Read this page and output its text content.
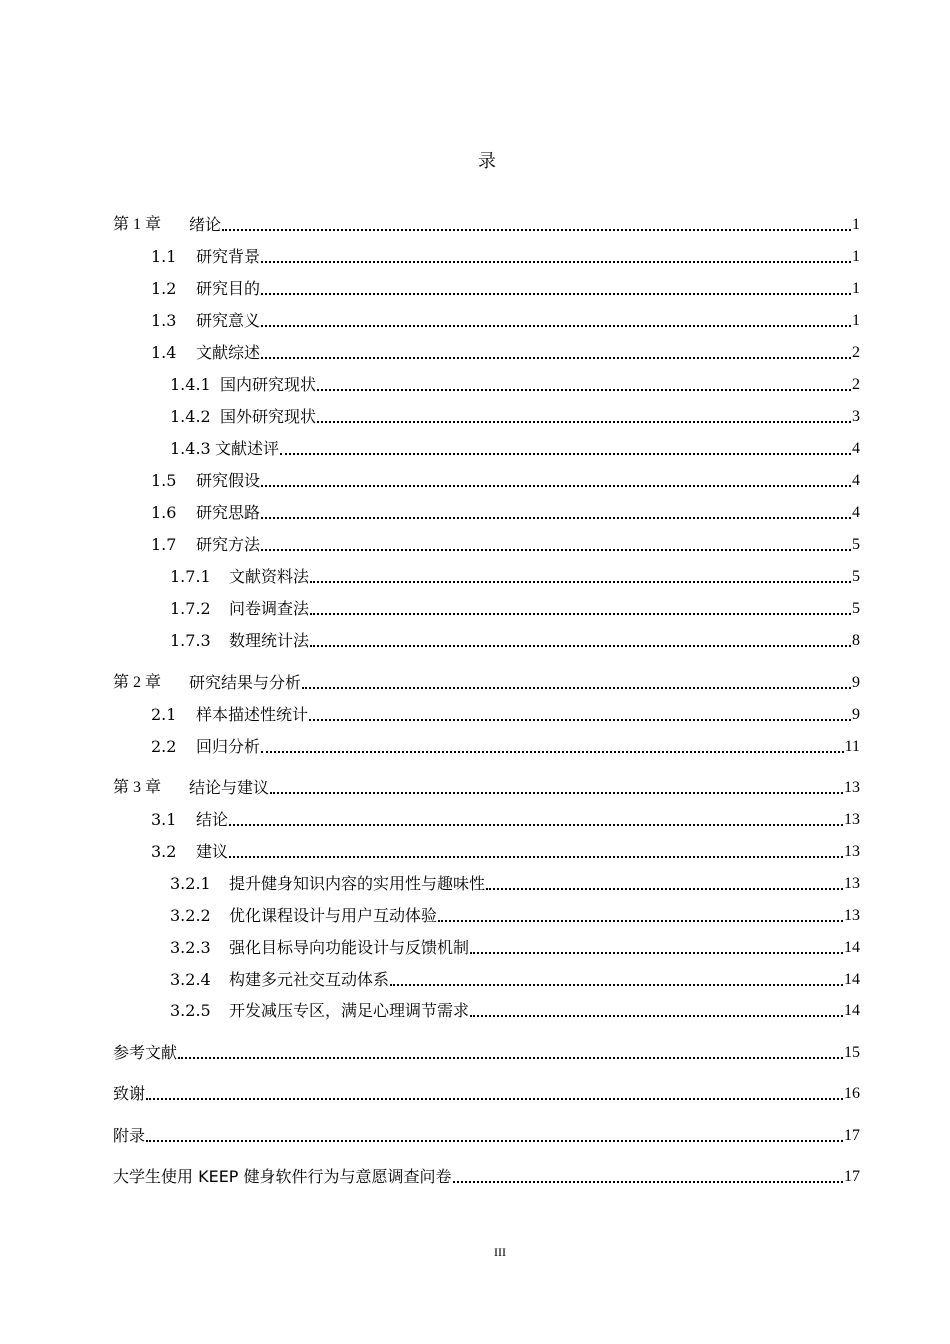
录
第 1 章	绪论	1
1.1	研究背景	1
1.2	研究目的	1
1.3	研究意义	1
1.4	文献综述	2
1.4.1 国内研究现状	2
1.4.2 国外研究现状	3
1.4.3 文献述评	4
1.5	研究假设	4
1.6	研究思路	4
1.7	研究方法	5
1.7.1	文献资料法	5
1.7.2	问卷调查法	5
1.7.3	数理统计法	8
第 2 章	研究结果与分析	9
2.1	样本描述性统计	9
2.2	回归分析	11
第 3 章	结论与建议	13
3.1	结论	13
3.2	建议	13
3.2.1	提升健身知识内容的实用性与趣味性	13
3.2.2	优化课程设计与用户互动体验	13
3.2.3	强化目标导向功能设计与反馈机制	14
3.2.4	构建多元社交互动体系	14
3.2.5	开发减压专区，满足心理调节需求	14
参考文献	15
致谢	16
附录	17
大学生使用 KEEP 健身软件行为与意愿调查问卷	17
III
